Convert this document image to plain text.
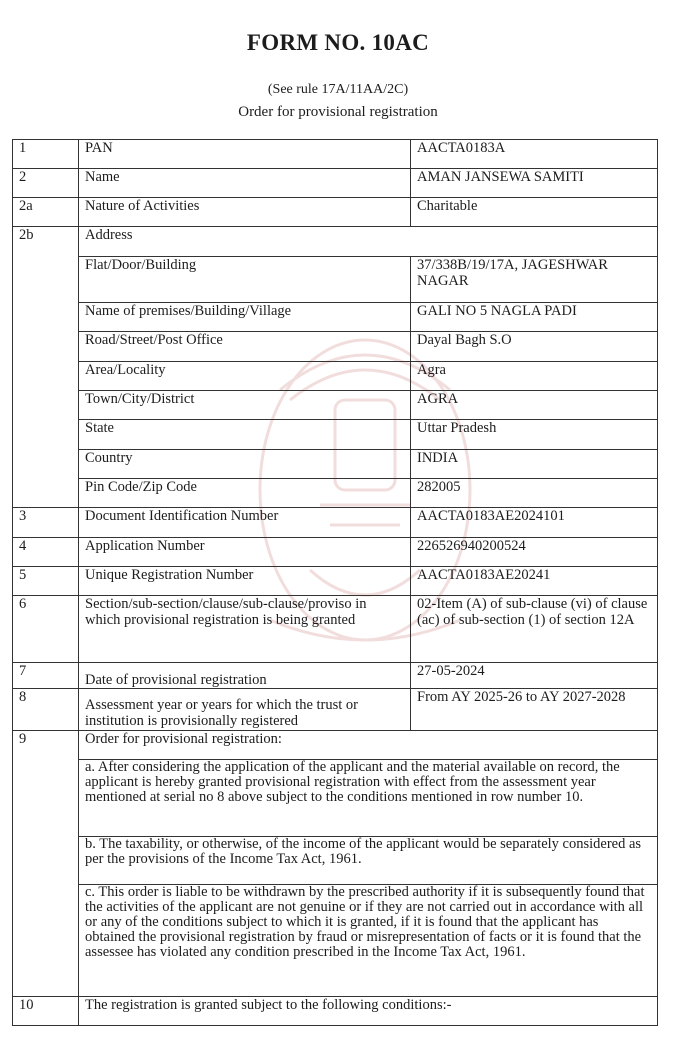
FORM NO. 10AC
(See rule 17A/11AA/2C)
Order for provisional registration
1	PAN	AACTA0183A
2	Name	AMAN JANSEWA SAMITI
2a	Nature of Activities	Charitable
2b	Address	
	Flat/Door/Building	37/338B/19/17A, JAGESHWAR NAGAR
	Name of premises/Building/Village	GALI NO 5 NAGLA PADI
	Road/Street/Post Office	Dayal Bagh S.O
	Area/Locality	Agra
	Town/City/District	AGRA
	State	Uttar Pradesh
	Country	INDIA
	Pin Code/Zip Code	282005
3	Document Identification Number	AACTA0183AE2024101
4	Application Number	226526940200524
5	Unique Registration Number	AACTA0183AE20241
6	Section/sub-section/clause/sub-clause/proviso in which provisional registration is being granted	02-Item (A) of sub-clause (vi) of clause (ac) of sub-section (1) of section 12A
7	Date of provisional registration	27-05-2024
8	Assessment year or years for which the trust or institution is provisionally registered	From AY 2025-26 to AY 2027-2028
9	Order for provisional registration:	
	a. After considering the application of the applicant and the material available on record, the applicant is hereby granted provisional registration with effect from the assessment year mentioned at serial no 8 above subject to the conditions mentioned in row number 10.	
	b. The taxability, or otherwise, of the income of the applicant would be separately considered as per the provisions of the Income Tax Act, 1961.	
	c. This order is liable to be withdrawn by the prescribed authority if it is subsequently found that the activities of the applicant are not genuine or if they are not carried out in accordance with all or any of the conditions subject to which it is granted, if it is found that the applicant has obtained the provisional registration by fraud or misrepresentation of facts or it is found that the assessee has violated any condition prescribed in the Income Tax Act, 1961.	
10	The registration is granted subject to the following conditions:-	
